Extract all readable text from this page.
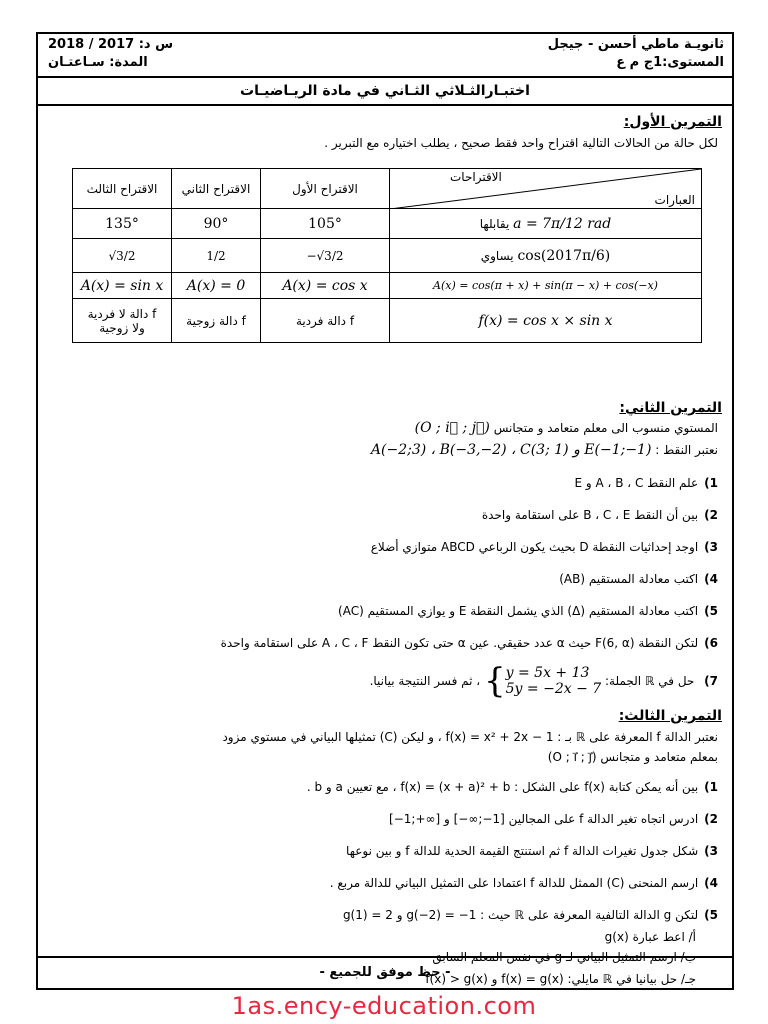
ثانويـة ماطي أحسن - جيجل
المستوى:1ج م ع
س د: 2017 / 2018
المدة: سـاعتـان
اختبـارالثـلاثي الثـاني في مادة الريـاضيـات
التمرين الأول:
لكل حالة من الحالات التالية اقتراح واحد فقط صحيح ، يطلب اختياره مع التبرير .
الاقتراح الثالث	الاقتراح الثاني	الاقتراح الأول	الاقتراحات
العبارات

135°	90°	105°	a = 7π/12 rad يقابلها
√3/2	1/2	−√3/2	cos(2017π/6) يساوي
A(x) = sin x	A(x) = 0	A(x) = cos x	A(x) = cos(π + x) + sin(π − x) + cos(−x)

f دالة لا فردية
ولا زوجية	f دالة زوجية	f دالة فردية	f(x) = cos x × sin x
التمرين الثاني:
المستوي منسوب الى معلم متعامد و متجانس (O ; i⃗ ; j⃗)
نعتبر النقط : A(−2;3) ، B(−3,−2) ، C(3; 1) و E(−1;−1)
1)علم النقط A ، B ، C و E
2)بين أن النقط B ، C ، E على استقامة واحدة
3)اوجد إحداثيات النقطة D بحيث يكون الرباعي ABCD متوازي أضلاع
4)اكتب معادلة المستقيم (AB)
5)اكتب معادلة المستقيم (Δ) الذي يشمل النقطة E و يوازي المستقيم (AC)
6)لتكن النقطة F(6, α) حيث α عدد حقيقي. عين α حتى تكون النقط A ، C ، F على استقامة واحدة
7) حل في ℝ الجملة: { y = 5x + 13
5y = −2x − 7
، ثم فسر النتيجة بيانيا.
التمرين الثالث:
نعتبر الدالة f المعرفة على ℝ بـ : f(x) = x² + 2x − 1 ، و ليكن (C) تمثيلها البياني في مستوي مزود
بمعلم متعامد و متجانس (O ; i⃗ ; j⃗)
1)بين أنه يمكن كتابة f(x) على الشكل : f(x) = (x + a)² + b ، مع تعيين a و b .
2)ادرس اتجاه تغير الدالة f على المجالين [1−;∞−] و [∞+;1−]
3)شكل جدول تغيرات الدالة f ثم استنتج القيمة الحدية للدالة f و بين نوعها
4)ارسم المنحنى (C) الممثل للدالة f اعتمادا على التمثيل البياني للدالة مربع .
5)لتكن g الدالة التالفية المعرفة على ℝ حيث : g(−2) = −1 و g(1) = 2
أ/ اعط عبارة g(x)
ب/ ارسم التمثيل البياني لـ g في نفس المعلم السابق
جـ/ حل بيانيا في ℝ مايلي: f(x) = g(x) و f(x) > g(x)
- حظ موفق للجميع -
1as.ency-education.com
